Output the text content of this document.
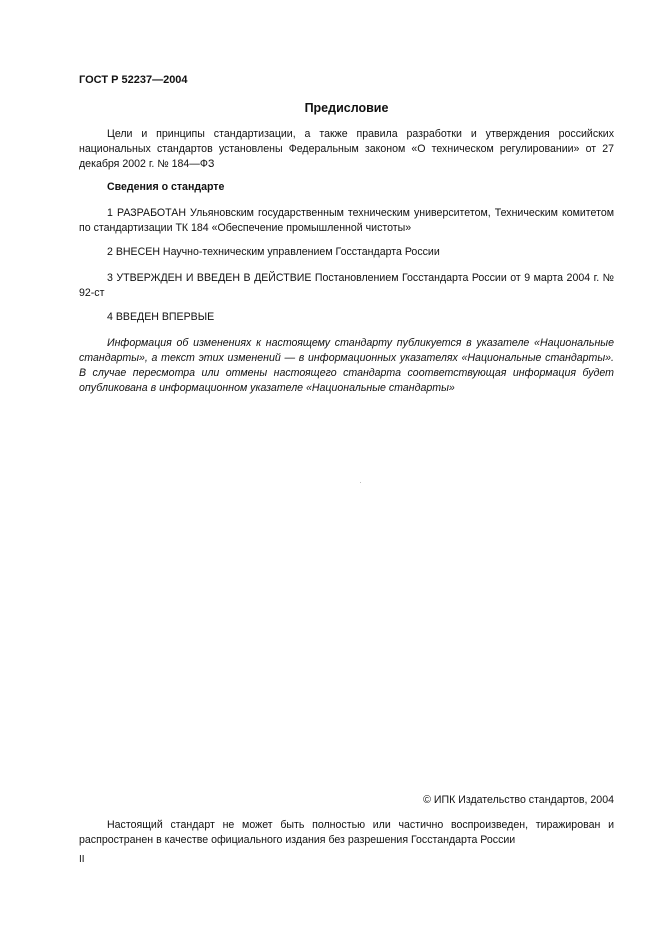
ГОСТ Р 52237—2004
Предисловие

Цели и принципы стандартизации, а также правила разработки и утверждения российских национальных стандартов установлены Федеральным законом «О техническом регулировании» от 27 декабря 2002 г. № 184—ФЗ

Сведения о стандарте

1 РАЗРАБОТАН Ульяновским государственным техническим университетом, Техническим комитетом по стандартизации ТК 184 «Обеспечение промышленной чистоты»

2 ВНЕСЕН Научно-техническим управлением Госстандарта России

3 УТВЕРЖДЕН И ВВЕДЕН В ДЕЙСТВИЕ Постановлением Госстандарта России от 9 марта 2004 г. № 92-ст

4 ВВЕДЕН ВПЕРВЫЕ

Информация об изменениях к настоящему стандарту публикуется в указателе «Национальные стандарты», а текст этих изменений — в информационных указателях «Национальные стандарты». В случае пересмотра или отмены настоящего стандарта соответствующая информация будет опубликована в информационном указателе «Национальные стандарты»

© ИПК Издательство стандартов, 2004

Настоящий стандарт не может быть полностью или частично воспроизведен, тиражирован и распространен в качестве официального издания без разрешения Госстандарта России

II
